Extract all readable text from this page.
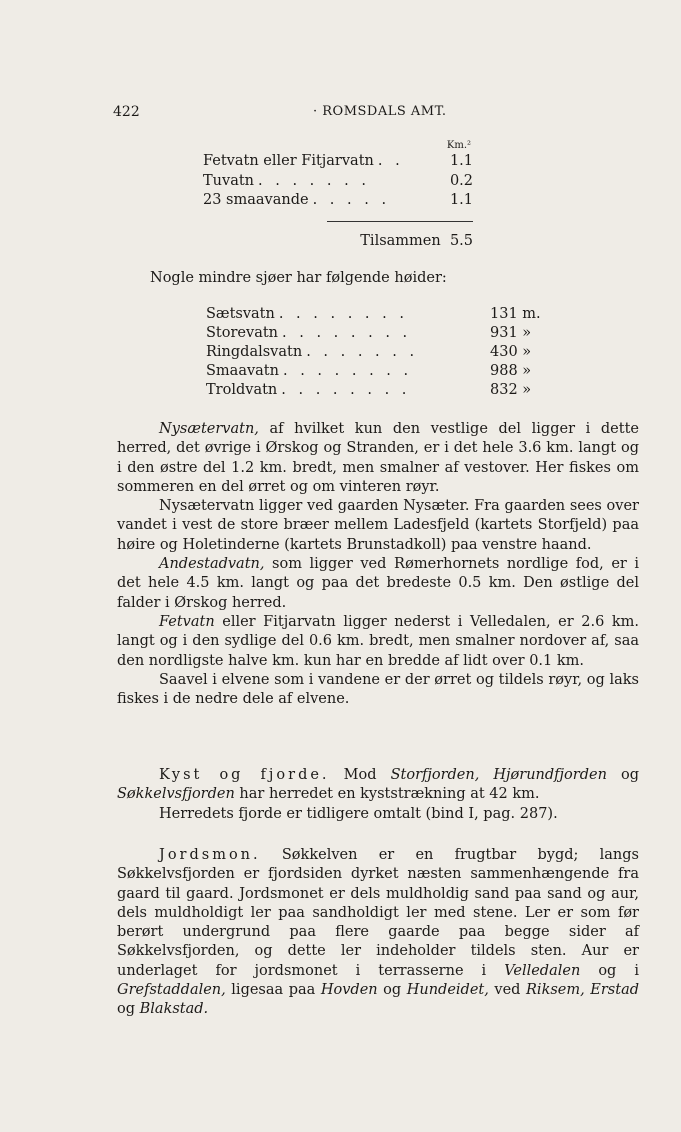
422	· ROMSDALS AMT.
Km.²
Fetvatn eller Fitjarvatn . .	1.1
Tuvatn . . . . . . .	0.2
23 smaavande . . . . .	1.1
Tilsammen 5.5
Nogle mindre sjøer har følgende høider:
Sætsvatn . . . . . . . .	131 m.
Storevatn . . . . . . . .	931 »
Ringdalsvatn . . . . . . .	430 »
Smaavatn . . . . . . . .	988 »
Troldvatn . . . . . . . .	832 »

Nysætervatn, af hvilket kun den vestlige del ligger i dette herred, det øvrige i Ørskog og Stranden, er i det hele 3.6 km. langt og i den østre del 1.2 km. bredt, men smalner af vestover. Her fiskes om sommeren en del ørret og om vinteren røyr.

Nysætervatn ligger ved gaarden Nysæter. Fra gaarden sees over vandet i vest de store bræer mellem Ladesfjeld (kartets Storfjeld) paa høire og Holetinderne (kartets Brunstadkoll) paa venstre haand.

Andestadvatn, som ligger ved Rømerhornets nordlige fod, er i det hele 4.5 km. langt og paa det bredeste 0.5 km. Den østlige del falder i Ørskog herred.

Fetvatn eller Fitjarvatn ligger nederst i Velledalen, er 2.6 km. langt og i den sydlige del 0.6 km. bredt, men smalner nordover af, saa den nordligste halve km. kun har en bredde af lidt over 0.1 km.

Saavel i elvene som i vandene er der ørret og tildels røyr, og laks fiskes i de nedre dele af elvene.

Kyst og fjorde. Mod Storfjorden, Hjørundfjorden og Søkkelvsfjorden har herredet en kyststrækning at 42 km.

Herredets fjorde er tidligere omtalt (bind I, pag. 287).

Jordsmon. Søkkelven er en frugtbar bygd; langs Søkkelvsfjorden er fjordsiden dyrket næsten sammenhængende fra gaard til gaard. Jordsmonet er dels muldholdig sand paa sand og aur, dels muldholdigt ler paa sandholdigt ler med stene. Ler er som før berørt undergrund paa flere gaarde paa begge sider af Søkkelvsfjorden, og dette ler indeholder tildels sten. Aur er underlaget for jordsmonet i terrasserne i Velledalen og i Grefstaddalen, ligesaa paa Hovden og Hundeidet, ved Riksem, Erstad og Blakstad.
